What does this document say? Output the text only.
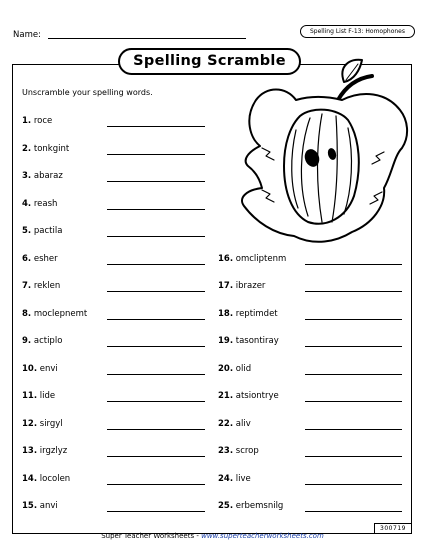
Name:	Spelling List F-13: Homophones
Spelling Scramble
Unscramble your spelling words.
1. roce
2. tonkgint
3. abaraz
4. reash
5. pactila
6. esher
7. reklen
8. moclepnemt
9. actiplo
10. envi
11. lide
12. sirgyl
13. irgzlyz
14. locolen
15. anvi
16. omcliptenm
17. ibrazer
18. reptimdet
19. tasontiray
20. olid
21. atsiontrye
22. aliv
23. scrop
24. live
25. erbemsnilg
Super Teacher Worksheets - www.superteacherworksheets.com
300719
